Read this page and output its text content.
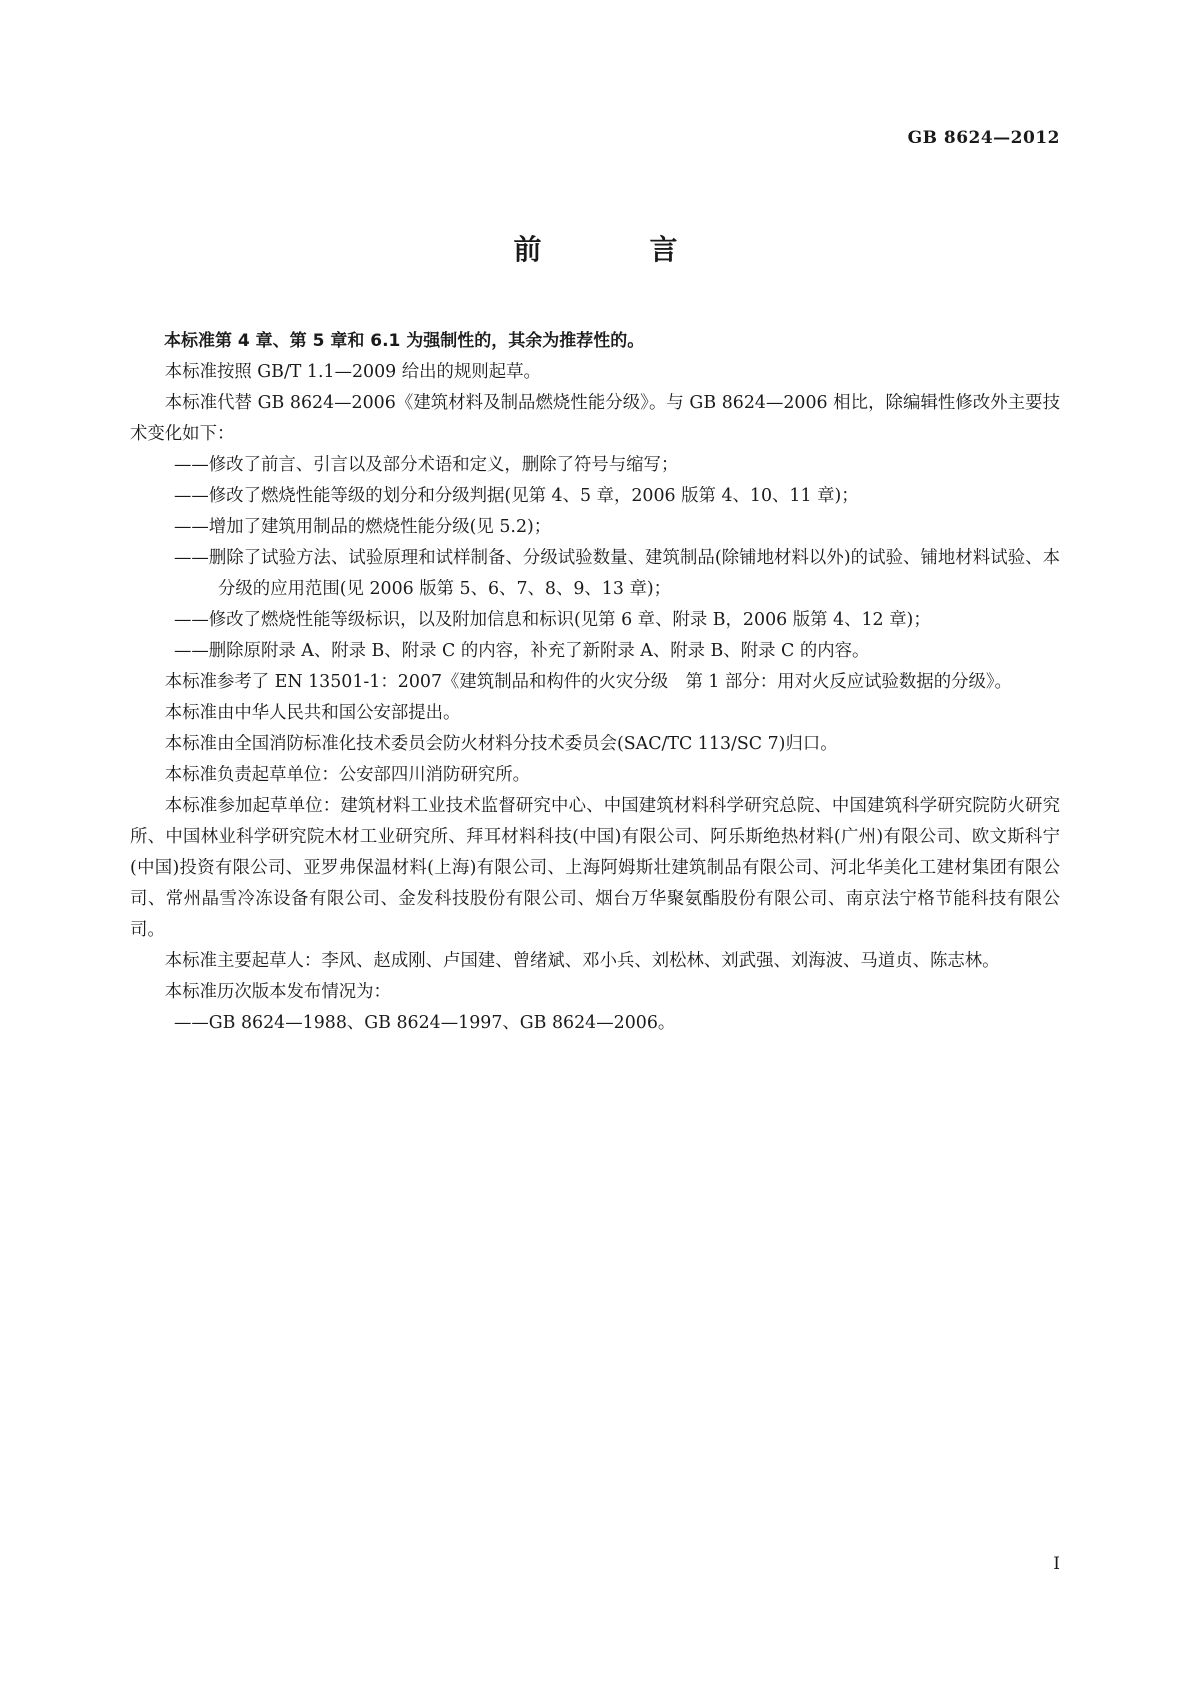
GB 8624—2012
前　言

本标准第 4 章、第 5 章和 6.1 为强制性的，其余为推荐性的。

本标准按照 GB/T 1.1—2009 给出的规则起草。

本标准代替 GB 8624—2006《建筑材料及制品燃烧性能分级》。与 GB 8624—2006 相比，除编辑性修改外主要技术变化如下：

——修改了前言、引言以及部分术语和定义，删除了符号与缩写；

——修改了燃烧性能等级的划分和分级判据(见第 4、5 章，2006 版第 4、10、11 章)；

——增加了建筑用制品的燃烧性能分级(见 5.2)；

——删除了试验方法、试验原理和试样制备、分级试验数量、建筑制品(除铺地材料以外)的试验、铺地材料试验、本分级的应用范围(见 2006 版第 5、6、7、8、9、13 章)；

——修改了燃烧性能等级标识，以及附加信息和标识(见第 6 章、附录 B，2006 版第 4、12 章)；

——删除原附录 A、附录 B、附录 C 的内容，补充了新附录 A、附录 B、附录 C 的内容。

本标准参考了 EN 13501-1：2007《建筑制品和构件的火灾分级　第 1 部分：用对火反应试验数据的分级》。

本标准由中华人民共和国公安部提出。

本标准由全国消防标准化技术委员会防火材料分技术委员会(SAC/TC 113/SC 7)归口。

本标准负责起草单位：公安部四川消防研究所。

本标准参加起草单位：建筑材料工业技术监督研究中心、中国建筑材料科学研究总院、中国建筑科学研究院防火研究所、中国林业科学研究院木材工业研究所、拜耳材料科技(中国)有限公司、阿乐斯绝热材料(广州)有限公司、欧文斯科宁(中国)投资有限公司、亚罗弗保温材料(上海)有限公司、上海阿姆斯壮建筑制品有限公司、河北华美化工建材集团有限公司、常州晶雪冷冻设备有限公司、金发科技股份有限公司、烟台万华聚氨酯股份有限公司、南京法宁格节能科技有限公司。

本标准主要起草人：李风、赵成刚、卢国建、曾绪斌、邓小兵、刘松林、刘武强、刘海波、马道贞、陈志林。

本标准历次版本发布情况为：

——GB 8624—1988、GB 8624—1997、GB 8624—2006。

I
